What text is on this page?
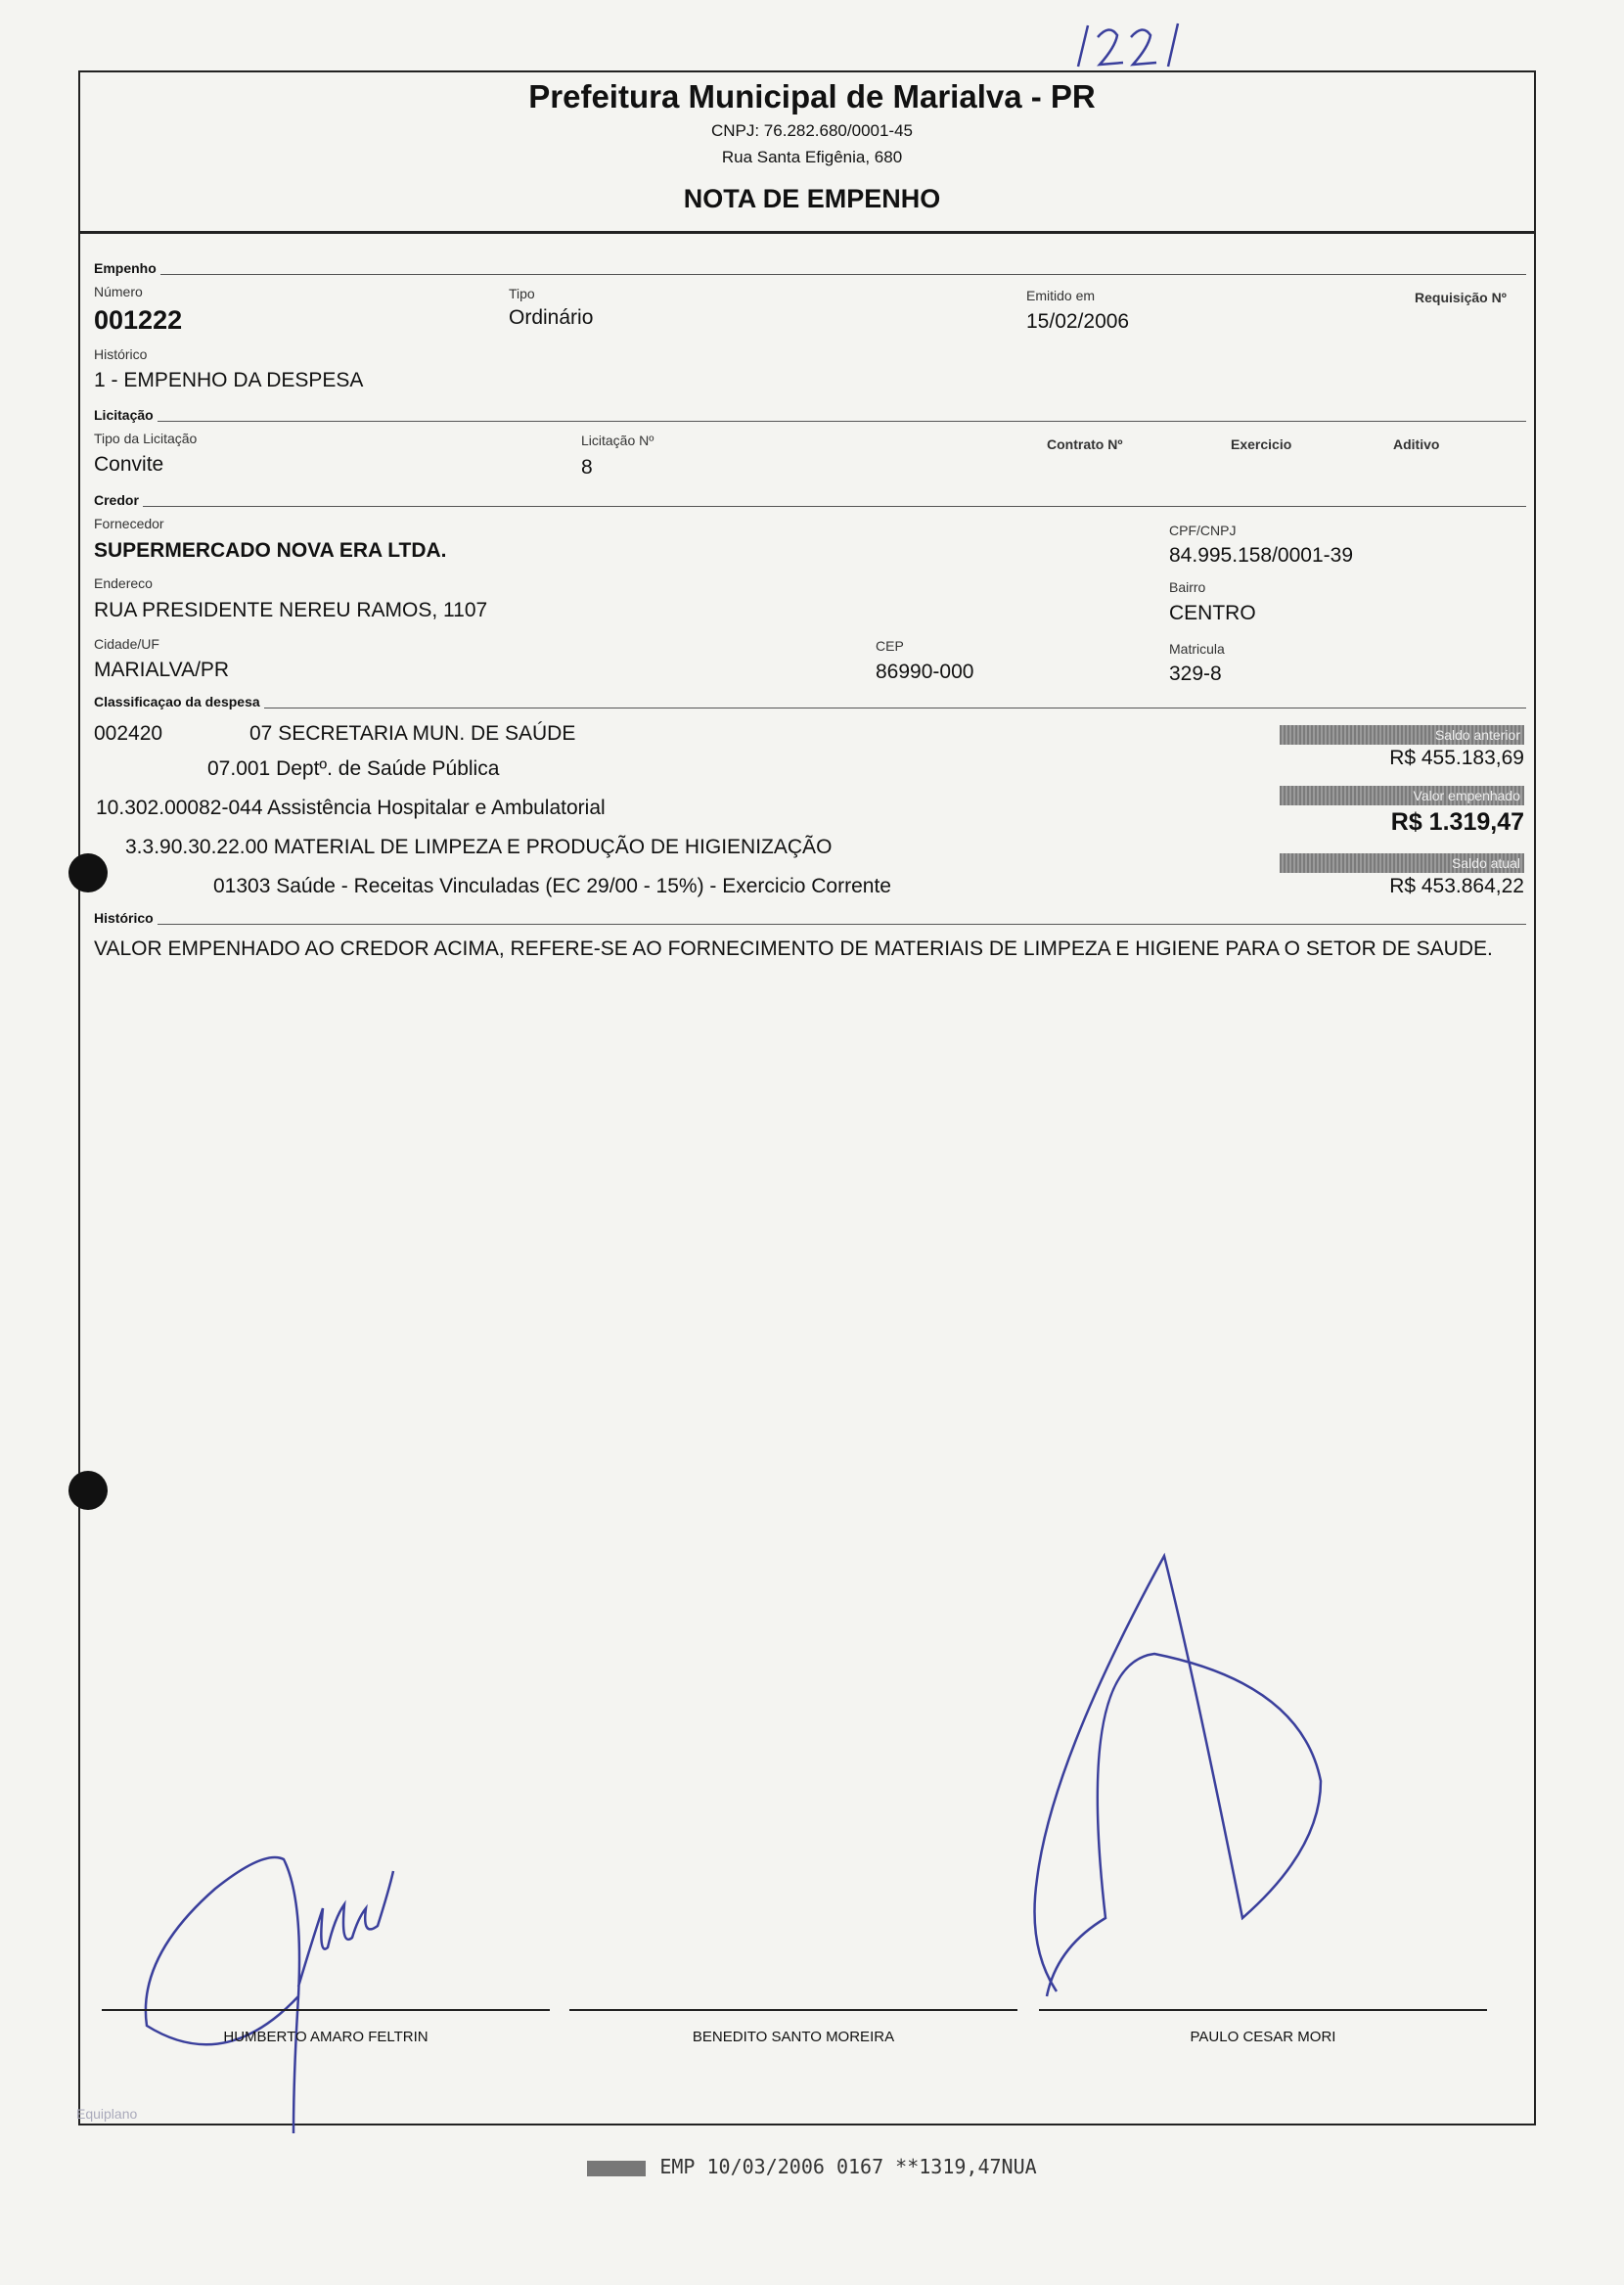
Prefeitura Municipal de Marialva - PR
CNPJ: 76.282.680/0001-45
Rua Santa Efigênia, 680
NOTA DE EMPENHO
Empenho
Número
001222
Tipo
Ordinário
Emitido em
15/02/2006
Requisição Nº
Histórico
1 - EMPENHO DA DESPESA
Licitação
Tipo da Licitação
Convite
Licitação Nº
8
Contrato Nº	Exercicio	Aditivo
Credor
Fornecedor
SUPERMERCADO NOVA ERA LTDA.
CPF/CNPJ
84.995.158/0001-39
Endereco
RUA PRESIDENTE NEREU RAMOS, 1107
Bairro
CENTRO
Cidade/UF
MARIALVA/PR
CEP
86990-000
Matricula
329-8
Classificaçao da despesa
002420	07 SECRETARIA MUN. DE SAÚDE
07.001 Deptº. de Saúde Pública
10.302.00082-044 Assistência Hospitalar e Ambulatorial
3.3.90.30.22.00 MATERIAL DE LIMPEZA E PRODUÇÃO DE HIGIENIZAÇÃO
01303 Saúde - Receitas Vinculadas (EC 29/00 - 15%) - Exercicio Corrente
Saldo anterior
R$ 455.183,69
Valor empenhado
R$ 1.319,47
Saldo atual
R$ 453.864,22
Histórico
VALOR EMPENHADO AO CREDOR ACIMA, REFERE-SE AO FORNECIMENTO DE MATERIAIS DE LIMPEZA E HIGIENE PARA O SETOR DE SAUDE.
HUMBERTO AMARO FELTRIN	BENEDITO SANTO MOREIRA	PAULO CESAR MORI
Equiplano
EMP 10/03/2006 0167 **1319,47NUA
